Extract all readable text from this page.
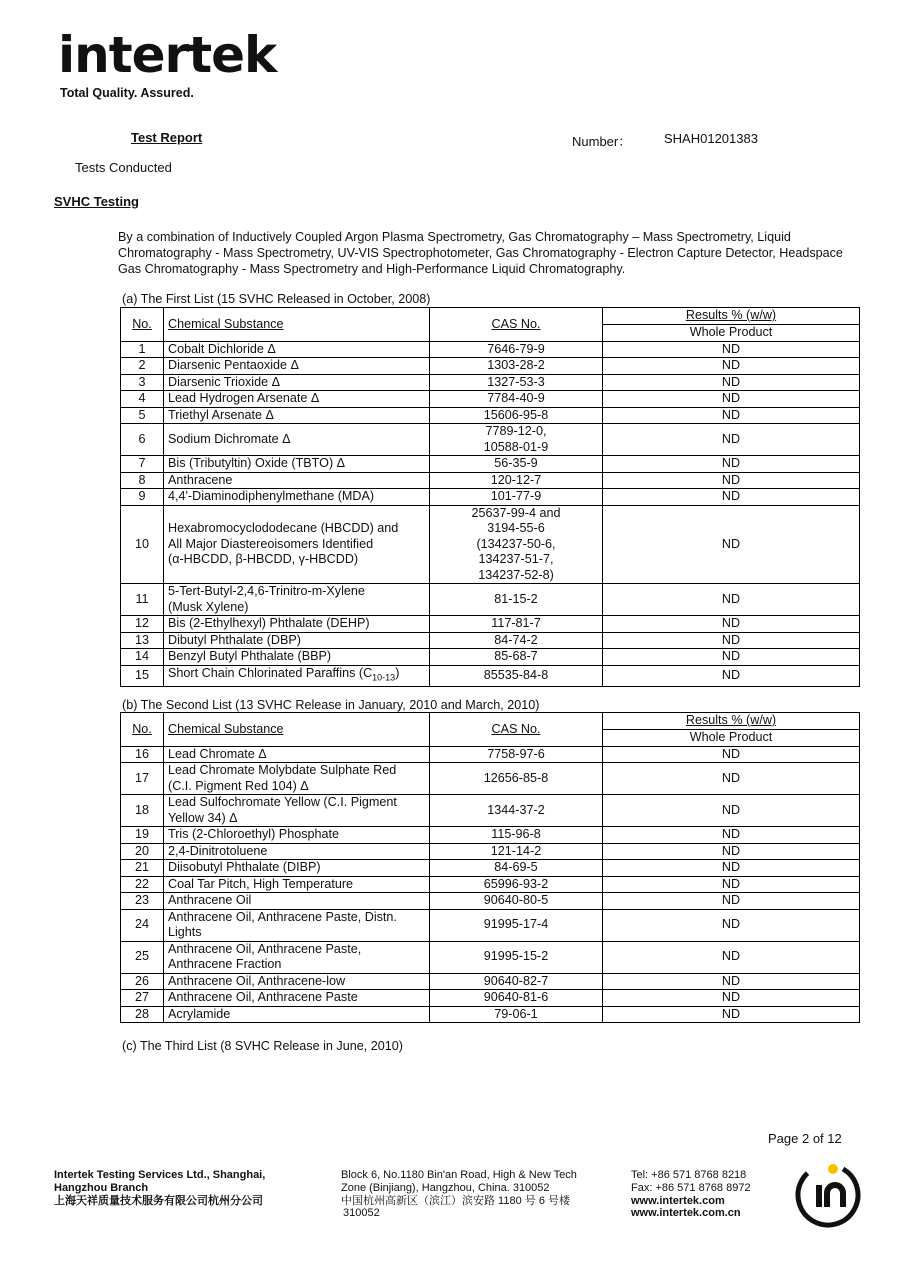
intertek
Total Quality. Assured.
Test Report	Number：	SHAH01201383
Tests Conducted
SVHC Testing
By a combination of Inductively Coupled Argon Plasma Spectrometry, Gas Chromatography – Mass Spectrometry, Liquid Chromatography - Mass Spectrometry, UV-VIS Spectrophotometer, Gas Chromatography - Electron Capture Detector, Headspace Gas Chromatography - Mass Spectrometry and High-Performance Liquid Chromatography.
(a) The First List (15 SVHC Released in October, 2008)
No.	Chemical Substance	CAS No.	Results % (w/w)
			Whole Product
1	Cobalt Dichloride Δ	7646-79-9	ND
2	Diarsenic Pentaoxide Δ	1303-28-2	ND
3	Diarsenic Trioxide Δ	1327-53-3	ND
4	Lead Hydrogen Arsenate Δ	7784-40-9	ND
5	Triethyl Arsenate Δ	15606-95-8	ND
6	Sodium Dichromate Δ	7789-12-0,
10588-01-9	ND
7	Bis (Tributyltin) Oxide (TBTO) Δ	56-35-9	ND
8	Anthracene	120-12-7	ND
9	4,4'-Diaminodiphenylmethane (MDA)	101-77-9	ND
10	Hexabromocyclododecane (HBCDD) and
All Major Diastereoisomers Identified
(α-HBCDD, β-HBCDD, γ-HBCDD)	25637-99-4 and
3194-55-6
(134237-50-6,
134237-51-7,
134237-52-8)	ND
11	5-Tert-Butyl-2,4,6-Trinitro-m-Xylene
(Musk Xylene)	81-15-2	ND
12	Bis (2-Ethylhexyl) Phthalate (DEHP)	117-81-7	ND
13	Dibutyl Phthalate (DBP)	84-74-2	ND
14	Benzyl Butyl Phthalate (BBP)	85-68-7	ND
15	Short Chain Chlorinated Paraffins $(C_{10-13})$	85535-84-8	ND
(b) The Second List (13 SVHC Release in January, 2010 and March, 2010)
No.	Chemical Substance	CAS No.	Results % (w/w)
			Whole Product
16	Lead Chromate Δ	7758-97-6	ND
17	Lead Chromate Molybdate Sulphate Red
(C.I. Pigment Red 104) Δ	12656-85-8	ND
18	Lead Sulfochromate Yellow (C.I. Pigment
Yellow 34) Δ	1344-37-2	ND
19	Tris (2-Chloroethyl) Phosphate	115-96-8	ND
20	2,4-Dinitrotoluene	121-14-2	ND
21	Diisobutyl Phthalate (DIBP)	84-69-5	ND
22	Coal Tar Pitch, High Temperature	65996-93-2	ND
23	Anthracene Oil	90640-80-5	ND
24	Anthracene Oil, Anthracene Paste, Distn.
Lights	91995-17-4	ND
25	Anthracene Oil, Anthracene Paste,
Anthracene Fraction	91995-15-2	ND
26	Anthracene Oil, Anthracene-low	90640-82-7	ND
27	Anthracene Oil, Anthracene Paste	90640-81-6	ND
28	Acrylamide	79-06-1	ND
(c) The Third List (8 SVHC Release in June, 2010)
Page 2 of 12
Intertek Testing Services Ltd., Shanghai,
Hangzhou Branch
上海天祥质量技术服务有限公司杭州分公司
Block 6, No.1180 Bin'an Road, High & New Tech
Zone (Binjiang), Hangzhou, China. 310052
中国杭州高新区（滨江）滨安路 1180 号 6 号楼
310052
Tel: +86 571 8768 8218
Fax: +86 571 8768 8972
www.intertek.com
www.intertek.com.cn
